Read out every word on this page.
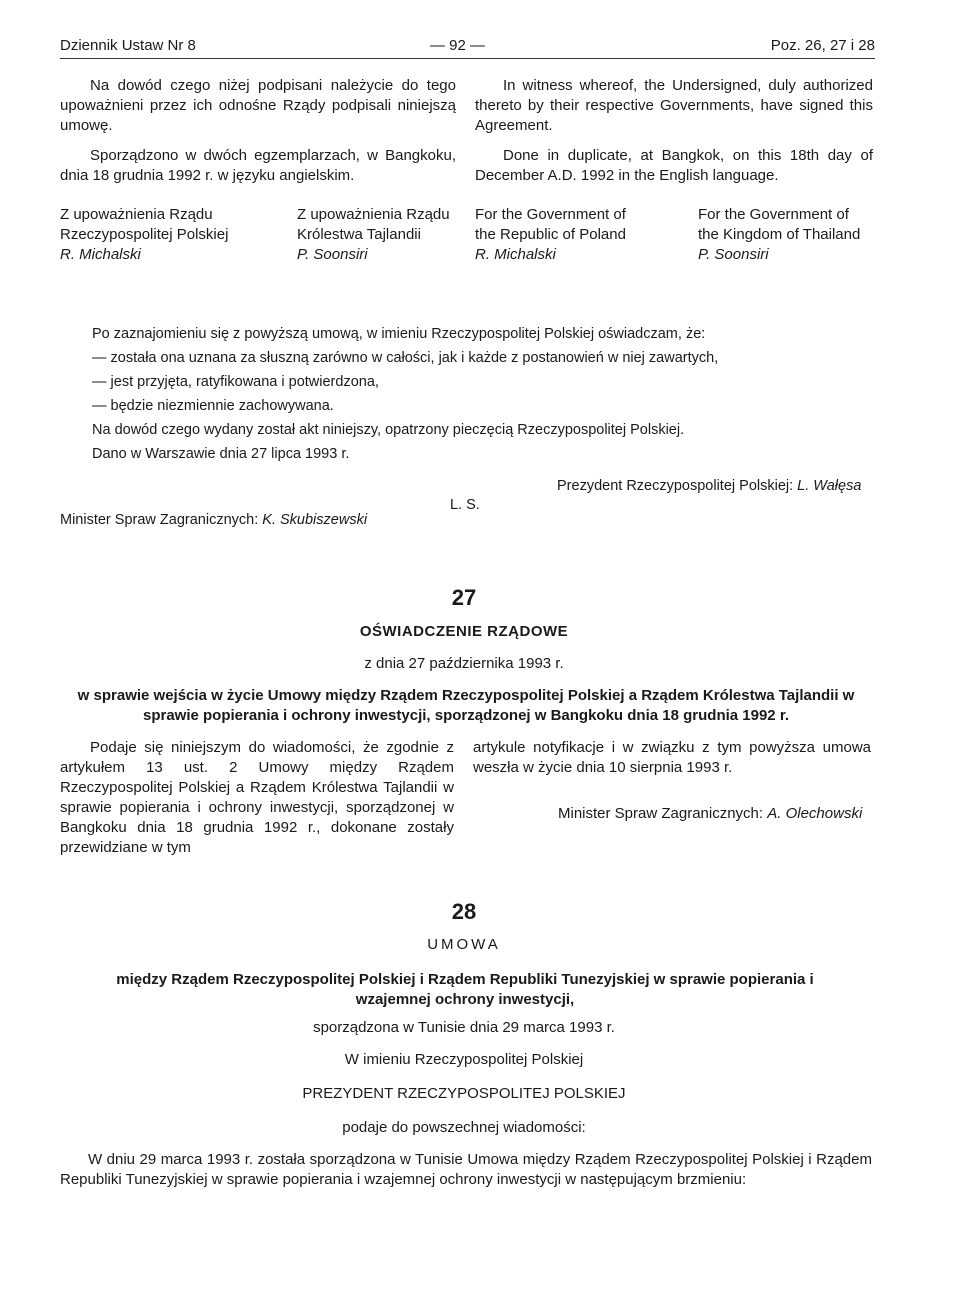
Dziennik Ustaw Nr 8	— 92 —	Poz. 26, 27 i 28
Na dowód czego niżej podpisani należycie do tego upoważnieni przez ich odnośne Rządy podpisali niniejszą umowę.
Sporządzono w dwóch egzemplarzach, w Bangkoku, dnia 18 grudnia 1992 r. w języku angielskim.
In witness whereof, the Undersigned, duly authorized thereto by their respective Governments, have signed this Agreement.
Done in duplicate, at Bangkok, on this 18th day of December A.D. 1992 in the English language.
Z upoważnienia Rządu
Rzeczypospolitej Polskiej
R. Michalski
Z upoważnienia Rządu
Królestwa Tajlandii
P. Soonsiri
For the Government of
the Republic of Poland
R. Michalski
For the Government of
the Kingdom of Thailand
P. Soonsiri
Po zaznajomieniu się z powyższą umową, w imieniu Rzeczypospolitej Polskiej oświadczam, że:
— została ona uznana za słuszną zarówno w całości, jak i każde z postanowień w niej zawartych,
— jest przyjęta, ratyfikowana i potwierdzona,
— będzie niezmiennie zachowywana.
Na dowód czego wydany został akt niniejszy, opatrzony pieczęcią Rzeczypospolitej Polskiej.
Dano w Warszawie dnia 27 lipca 1993 r.
Prezydent Rzeczypospolitej Polskiej: L. Wałęsa
L. S.
Minister Spraw Zagranicznych: K. Skubiszewski
27
OŚWIADCZENIE RZĄDOWE
z dnia 27 października 1993 r.
w sprawie wejścia w życie Umowy między Rządem Rzeczypospolitej Polskiej a Rządem Królestwa Tajlandii w sprawie popierania i ochrony inwestycji, sporządzonej w Bangkoku dnia 18 grudnia 1992 r.
Podaje się niniejszym do wiadomości, że zgodnie z artykułem 13 ust. 2 Umowy między Rządem Rzeczypospolitej Polskiej a Rządem Królestwa Tajlandii w sprawie popierania i ochrony inwestycji, sporządzonej w Bangkoku dnia 18 grudnia 1992 r., dokonane zostały przewidziane w tym
artykule notyfikacje i w związku z tym powyższa umowa weszła w życie dnia 10 sierpnia 1993 r.
Minister Spraw Zagranicznych: A. Olechowski
28
UMOWA
między Rządem Rzeczypospolitej Polskiej i Rządem Republiki Tunezyjskiej w sprawie popierania i wzajemnej ochrony inwestycji,
sporządzona w Tunisie dnia 29 marca 1993 r.
W imieniu Rzeczypospolitej Polskiej
PREZYDENT RZECZYPOSPOLITEJ POLSKIEJ
podaje do powszechnej wiadomości:
W dniu 29 marca 1993 r. została sporządzona w Tunisie Umowa między Rządem Rzeczypospolitej Polskiej i Rządem Republiki Tunezyjskiej w sprawie popierania i wzajemnej ochrony inwestycji w następującym brzmieniu:
